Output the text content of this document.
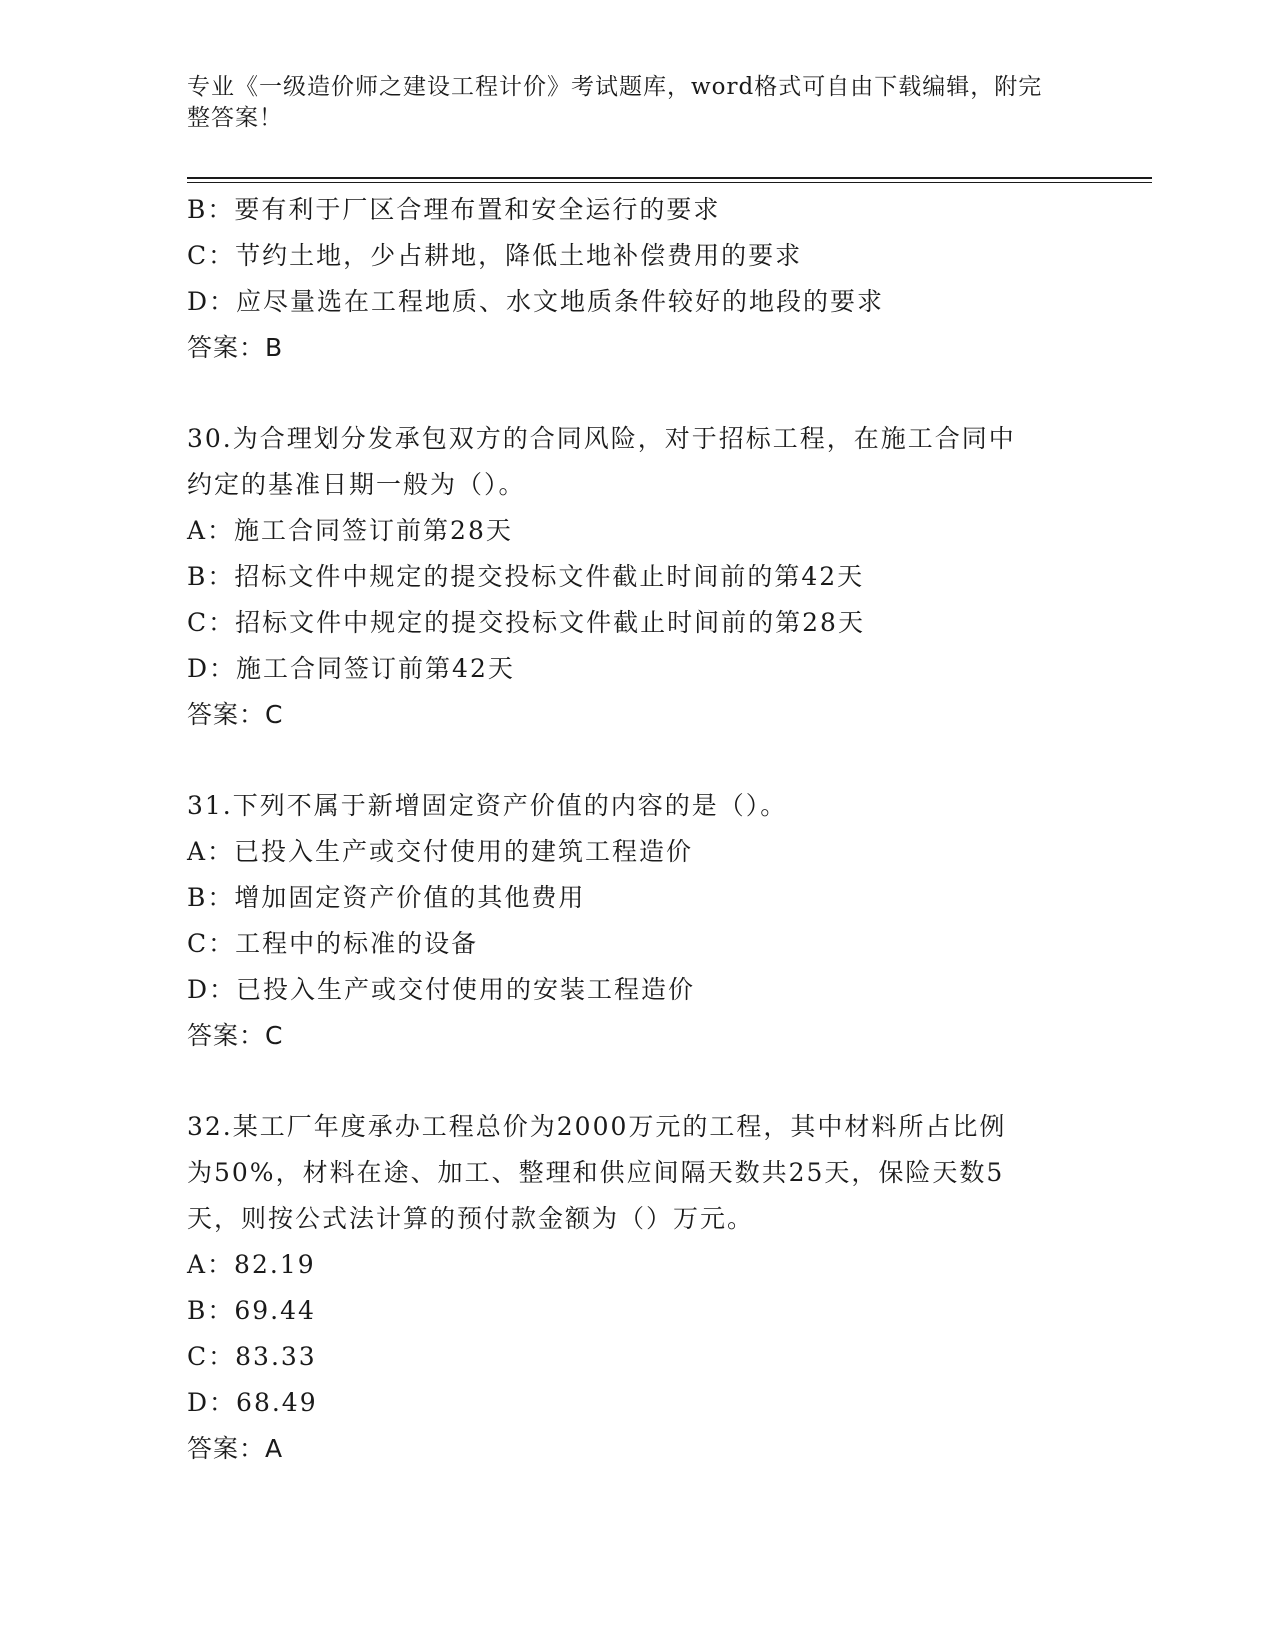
专业《一级造价师之建设工程计价》考试题库，word格式可自由下载编辑，附完
整答案！
B：要有利于厂区合理布置和安全运行的要求
C：节约土地，少占耕地，降低土地补偿费用的要求
D：应尽量选在工程地质、水文地质条件较好的地段的要求
答案：B
30.为合理划分发承包双方的合同风险，对于招标工程，在施工合同中
约定的基准日期一般为（）。
A：施工合同签订前第28天
B：招标文件中规定的提交投标文件截止时间前的第42天
C：招标文件中规定的提交投标文件截止时间前的第28天
D：施工合同签订前第42天
答案：C
31.下列不属于新增固定资产价值的内容的是（）。
A：已投入生产或交付使用的建筑工程造价
B：增加固定资产价值的其他费用
C：工程中的标准的设备
D：已投入生产或交付使用的安装工程造价
答案：C
32.某工厂年度承办工程总价为2000万元的工程，其中材料所占比例
为50%，材料在途、加工、整理和供应间隔天数共25天，保险天数5
天，则按公式法计算的预付款金额为（）万元。
A：82.19
B：69.44
C：83.33
D：68.49
答案：A
